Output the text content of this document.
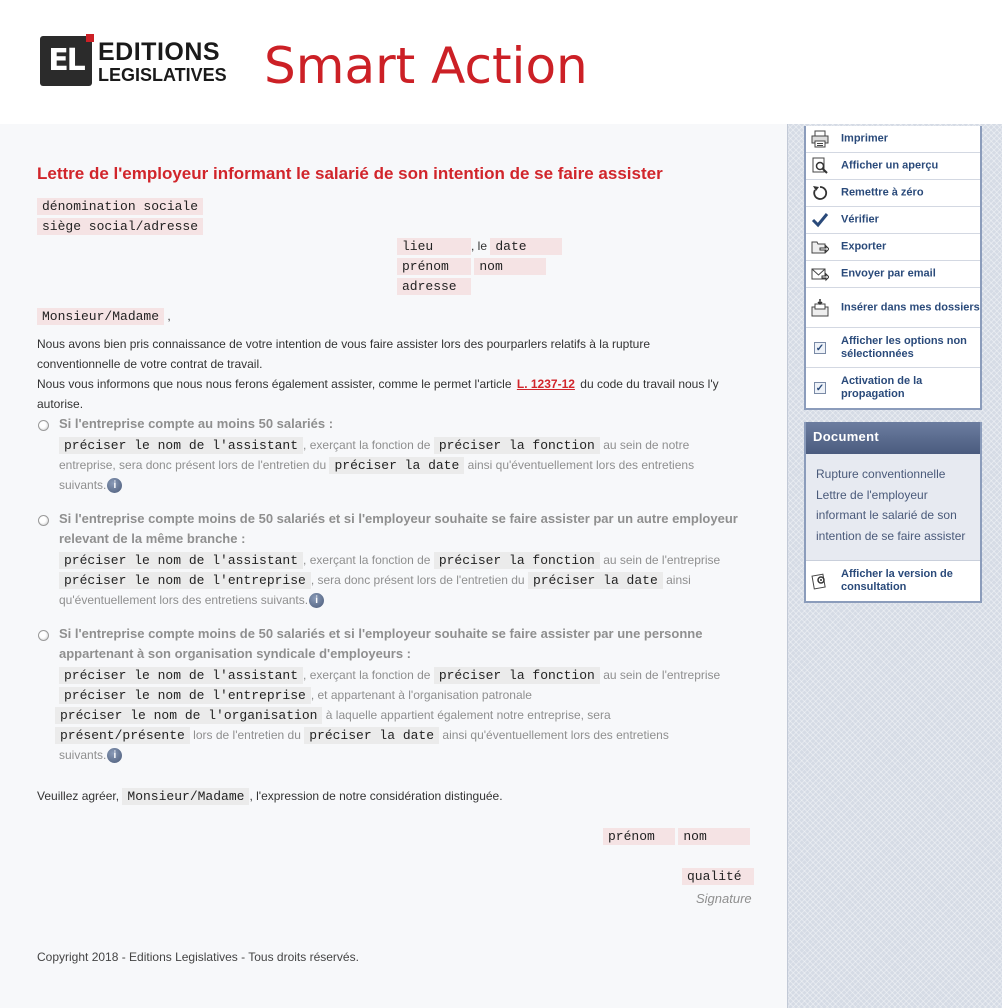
EL EDITIONS
LEGISLATIVES Smart Action
Lettre de l'employeur informant le salarié de son intention de se faire assister
dénomination sociale
siège social/adresse
lieu	, le date
prénom nom
adresse
Monsieur/Madame ,
Nous avons bien pris connaissance de votre intention de vous faire assister lors des pourparlers relatifs à la rupture
conventionnelle de votre contrat de travail.
Nous vous informons que nous nous ferons également assister, comme le permet l'article L. 1237-12 du code du travail nous l'y
autorise.
Si l'entreprise compte au moins 50 salariés :
préciser le nom de l'assistant , exerçant la fonction de préciser la fonction au sein de notre
entreprise, sera donc présent lors de l'entretien du préciser la date ainsi qu'éventuellement lors des entretiens
suivants. i
Si l'entreprise compte moins de 50 salariés et si l'employeur souhaite se faire assister par un autre employeur
relevant de la même branche :
préciser le nom de l'assistant , exerçant la fonction de préciser la fonction au sein de l'entreprise
préciser le nom de l'entreprise , sera donc présent lors de l'entretien du préciser la date ainsi
qu'éventuellement lors des entretiens suivants. i
Si l'entreprise compte moins de 50 salariés et si l'employeur souhaite se faire assister par une personne
appartenant à son organisation syndicale d'employeurs :
préciser le nom de l'assistant , exerçant la fonction de préciser la fonction au sein de l'entreprise
préciser le nom de l'entreprise , et appartenant à l'organisation patronale
préciser le nom de l'organisation à laquelle appartient également notre entreprise, sera
présent/présente lors de l'entretien du préciser la date ainsi qu'éventuellement lors des entretiens
suivants. i
Veuillez agréer, Monsieur/Madame , l'expression de notre considération distinguée.
prénom nom
qualité
Signature
Copyright 2018 - Editions Legislatives - Tous droits réservés.
Imprimer
Afficher un aperçu
Remettre à zéro
Vérifier
Exporter
Envoyer par email
Insérer dans mes dossiers
✓
Afficher les options non sélectionnées
✓
Activation de la propagation
Document
Rupture conventionnelle Lettre de l'employeur informant le salarié de son intention de se faire assister
Afficher la version de consultation
